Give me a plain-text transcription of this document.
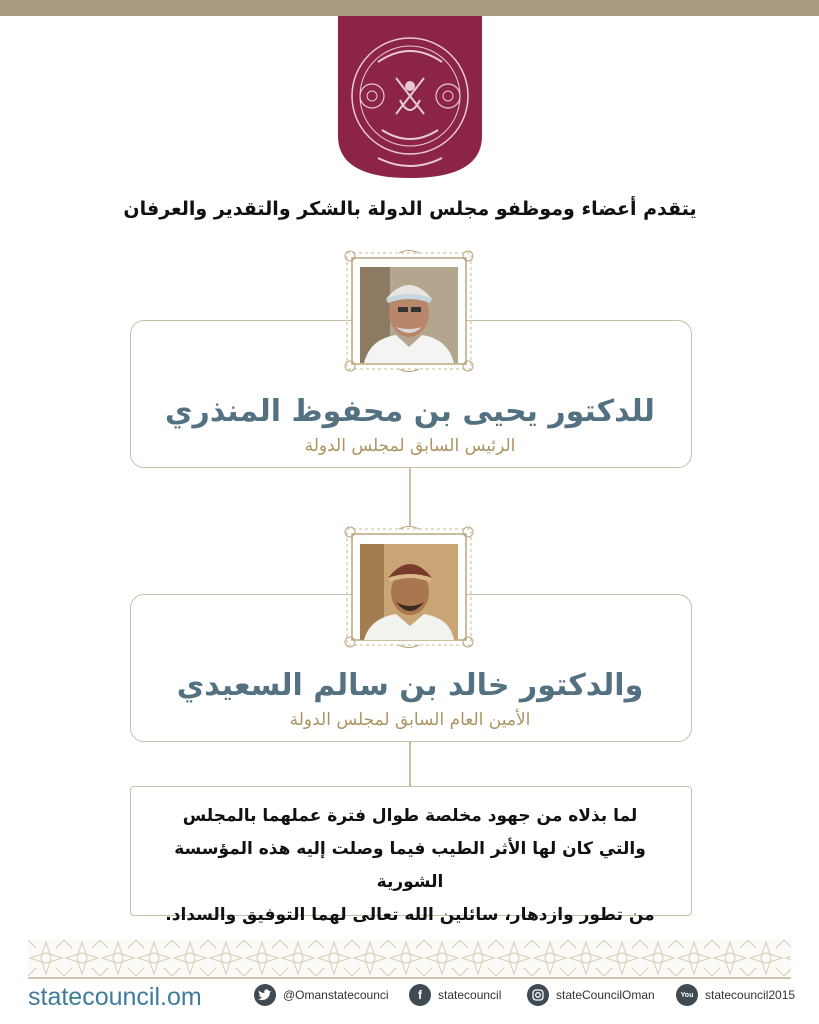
يتقدم أعضاء وموظفو مجلس الدولة بالشكر والتقدير والعرفان
للدكتور يحيى بن محفوظ المنذري
الرئيس السابق لمجلس الدولة
والدكتور خالد بن سالم السعيدي
الأمين العام السابق لمجلس الدولة
لما بذلاه من جهود مخلصة طوال فترة عملهما بالمجلس
والتي كان لها الأثر الطيب فيما وصلت إليه هذه المؤسسة الشورية
من تطور وازدهار، سائلين الله تعالى لهما التوفيق والسداد.
statecouncil.om	@Omanstatecounci	f	statecouncil	stateCouncilOman	You statecouncil2015
